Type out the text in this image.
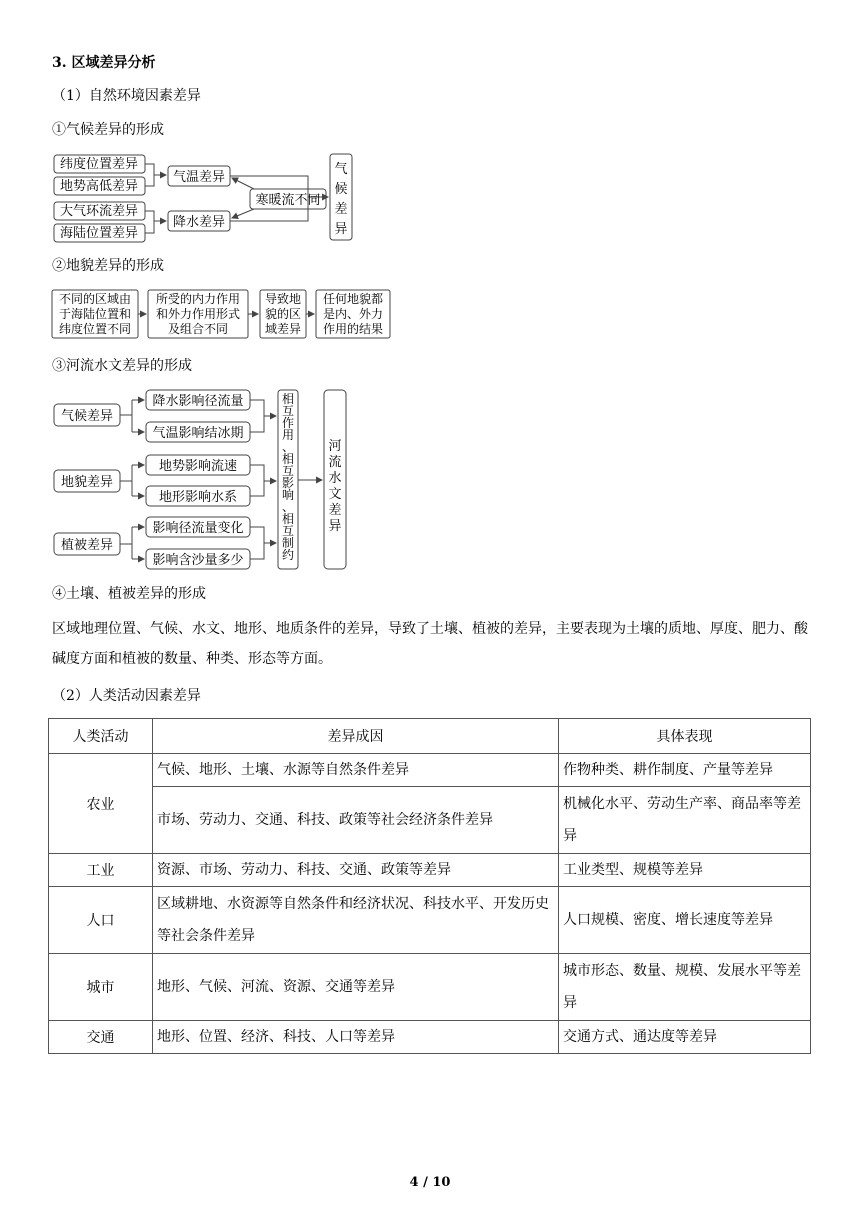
3. 区域差异分析
（1）自然环境因素差异
①气候差异的形成
纬度位置差异
地势高低差异
大气环流差异
海陆位置差异
气温差异
降水差异
寒暖流不同
气
候
差
异
②地貌差异的形成
不同的区域由
于海陆位置和
纬度位置不同
所受的内力作用
和外力作用形式
及组合不同
导致地
貌的区
域差异
任何地貌都
是内、外力
作用的结果
③河流水文差异的形成
气候差异
地貌差异
植被差异
降水影响径流量
气温影响结冰期
地势影响流速
地形影响水系
影响径流量变化
影响含沙量多少
相
互
作
用
、
相
互
影
响
、
相
互
制
约
河
流
水
文
差
异
④土壤、植被差异的形成
区域地理位置、气候、水文、地形、地质条件的差异，导致了土壤、植被的差异，主要表现为土壤的质地、厚度、肥力、酸碱度方面和植被的数量、种类、形态等方面。
（2）人类活动因素差异
人类活动	差异成因	具体表现
农业	气候、地形、土壤、水源等自然条件差异	作物种类、耕作制度、产量等差异
	市场、劳动力、交通、科技、政策等社会经济条件差异	机械化水平、劳动生产率、商品率等差异
工业	资源、市场、劳动力、科技、交通、政策等差异	工业类型、规模等差异
人口	区域耕地、水资源等自然条件和经济状况、科技水平、开发历史等社会条件差异	人口规模、密度、增长速度等差异
城市	地形、气候、河流、资源、交通等差异	城市形态、数量、规模、发展水平等差异
交通	地形、位置、经济、科技、人口等差异	交通方式、通达度等差异
4 / 10
